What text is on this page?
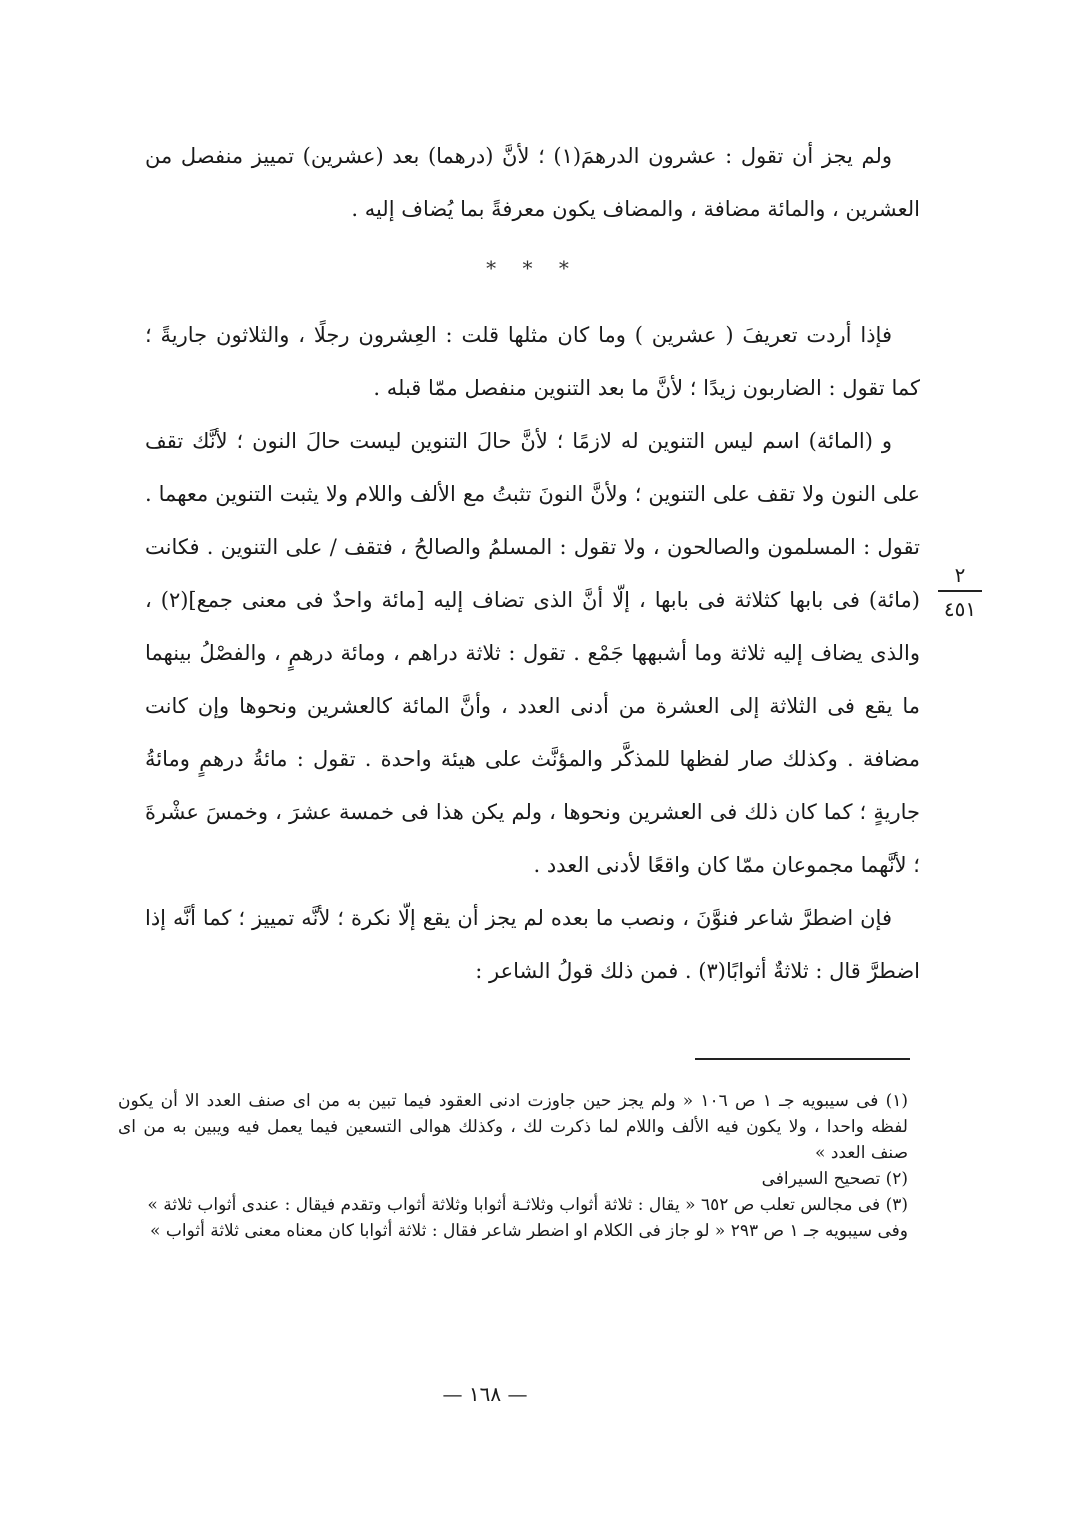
ولم يجز أن تقول : عشرون الدرهمَ(١) ؛ لأنَّ (درهما) بعد (عشرين) تمييز منفصل من العشرين ، والمائة مضافة ، والمضاف يكون معرفةً بما يُضاف إليه .

* * *

فإذا أردت تعريفَ ( عشرين ) وما كان مثلها قلت : العِشرون رجلًا ، والثلاثون جاريةً ؛ كما تقول : الضاربون زيدًا ؛ لأنَّ ما بعد التنوين منفصل ممّا قبله .

و (المائة) اسم ليس التنوين له لازمًا ؛ لأنَّ حالَ التنوين ليست حالَ النون ؛ لأنَّك تقف على النون ولا تقف على التنوين ؛ ولأنَّ النونَ تثبتُ مع الألف واللام ولا يثبت التنوين معهما . تقول : المسلمون والصالحون ، ولا تقول : المسلمُ والصالحُ ، فتقف / على التنوين . فكانت (مائة) فى بابها كثلاثة فى بابها ، إلّا أنَّ الذى تضاف إليه [مائة واحدٌ فى معنى جمع](٢) ، والذى يضاف إليه ثلاثة وما أشبهها جَمْع . تقول : ثلاثة دراهم ، ومائة درهمٍ ، والفصْلُ بينهما ما يقع فى الثلاثة إلى العشرة من أدنى العدد ، وأنَّ المائة كالعشرين ونحوها وإن كانت مضافة . وكذلك صار لفظها للمذكَّر والمؤنَّث على هيئة واحدة . تقول : مائةُ درهمٍ ومائةُ جاريةٍ ؛ كما كان ذلك فى العشرين ونحوها ، ولم يكن هذا فى خمسة عشرَ ، وخمسَ عشْرةَ ؛ لأنَّهما مجموعان ممّا كان واقعًا لأدنى العدد .

فإن اضطرَّ شاعر فنوَّنَ ، ونصب ما بعده لم يجز أن يقع إلّا نكرة ؛ لأنَّه تمييز ؛ كما أنَّه إذا اضطرَّ قال : ثلاثةٌ أثوابًا(٣) . فمن ذلك قولُ الشاعر :

٢
٤٥١

(١) فى سيبويه جـ ١ ص ١٠٦ « ولم يجز حين جاوزت ادنى العقود فيما تبين به من اى صنف العدد الا أن يكون لفظه واحدا ، ولا يكون فيه الألف واللام لما ذكرت لك ، وكذلك هوالى التسعين فيما يعمل فيه ويبين به من اى صنف العدد »

(٢) تصحيح السيرافى

(٣) فى مجالس تعلب ص ٦٥٢ « يقال : ثلاثة أثواب وثلاثـة أثوابا وثلاثة أثواب وتقدم فيقال : عندى أثواب ثلاثة »

وفى سيبويه جـ ١ ص ٢٩٣ « لو جاز فى الكلام او اضطر شاعر فقال : ثلاثة أثوابا كان معناه معنى ثلاثة أثواب »

— ١٦٨ —
